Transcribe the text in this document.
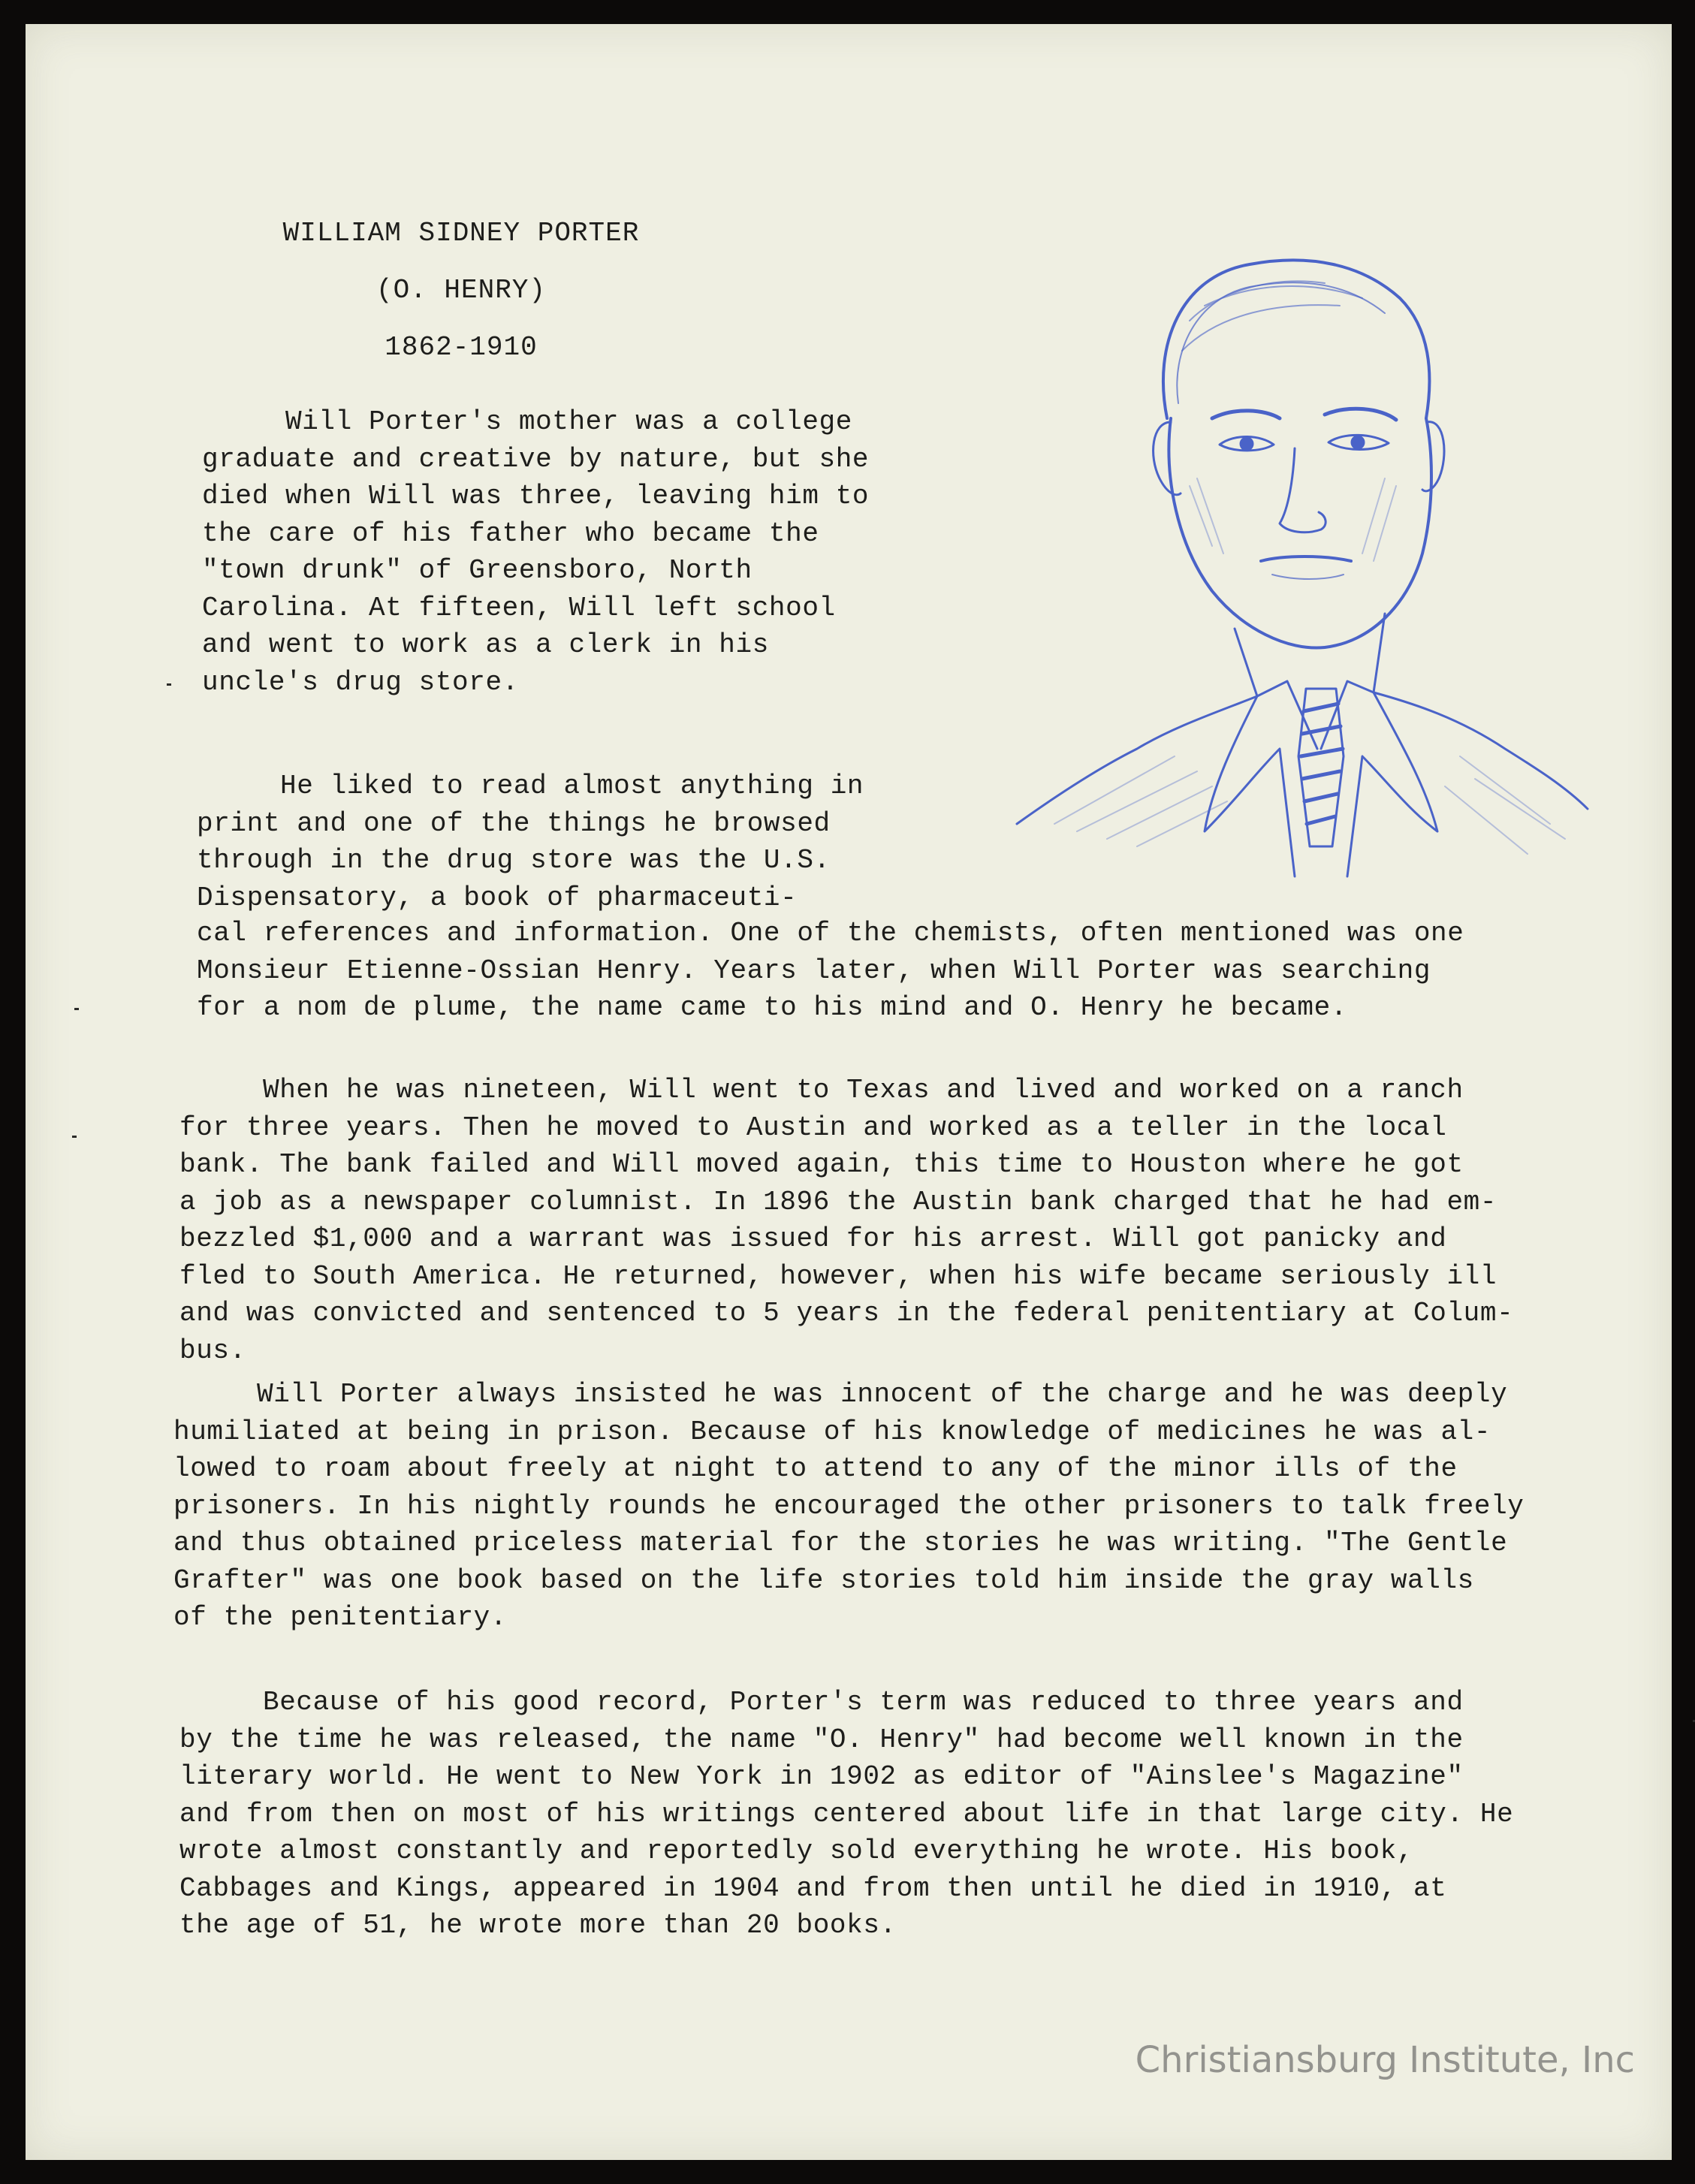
WILLIAM SIDNEY PORTER
(O. HENRY)
1862-1910
Will Porter's mother was a college
graduate and creative by nature, but she
died when Will was three, leaving him to
the care of his father who became the
"town drunk" of Greensboro, North
Carolina. At fifteen, Will left school
and went to work as a clerk in his
uncle's drug store.
He liked to read almost anything in
print and one of the things he browsed
through in the drug store was the U.S.
Dispensatory, a book of pharmaceuti-
cal references and information. One of the chemists, often mentioned was one
Monsieur Etienne-Ossian Henry. Years later, when Will Porter was searching
for a nom de plume, the name came to his mind and O. Henry he became.
When he was nineteen, Will went to Texas and lived and worked on a ranch
for three years. Then he moved to Austin and worked as a teller in the local
bank. The bank failed and Will moved again, this time to Houston where he got
a job as a newspaper columnist. In 1896 the Austin bank charged that he had em-
bezzled $1,000 and a warrant was issued for his arrest. Will got panicky and
fled to South America. He returned, however, when his wife became seriously ill
and was convicted and sentenced to 5 years in the federal penitentiary at Colum-
bus.
Will Porter always insisted he was innocent of the charge and he was deeply
humiliated at being in prison. Because of his knowledge of medicines he was al-
lowed to roam about freely at night to attend to any of the minor ills of the
prisoners. In his nightly rounds he encouraged the other prisoners to talk freely
and thus obtained priceless material for the stories he was writing. "The Gentle
Grafter" was one book based on the life stories told him inside the gray walls
of the penitentiary.
Because of his good record, Porter's term was reduced to three years and
by the time he was released, the name "O. Henry" had become well known in the
literary world. He went to New York in 1902 as editor of "Ainslee's Magazine"
and from then on most of his writings centered about life in that large city. He
wrote almost constantly and reportedly sold everything he wrote. His book,
Cabbages and Kings, appeared in 1904 and from then until he died in 1910, at
the age of 51, he wrote more than 20 books.
Christiansburg Institute, Inc
